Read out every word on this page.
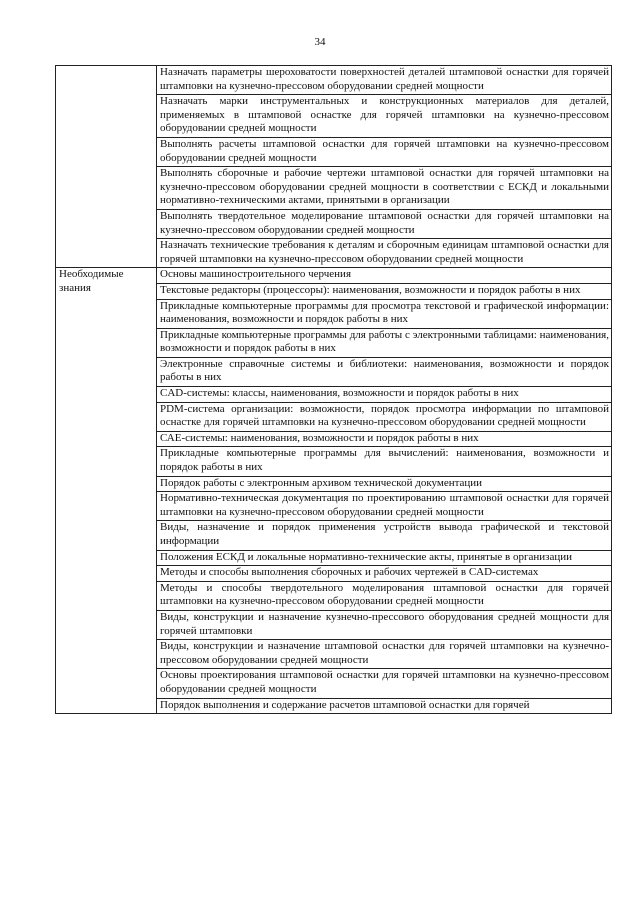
34
	Назначать параметры шероховатости поверхностей деталей штамповой оснастки для горячей штамповки на кузнечно-прессовом оборудовании средней мощности
	Назначать марки инструментальных и конструкционных материалов для деталей, применяемых в штамповой оснастке для горячей штамповки на кузнечно-прессовом оборудовании средней мощности
	Выполнять расчеты штамповой оснастки для горячей штамповки на кузнечно-прессовом оборудовании средней мощности
	Выполнять сборочные и рабочие чертежи штамповой оснастки для горячей штамповки на кузнечно-прессовом оборудовании средней мощности в соответствии с ЕСКД и локальными нормативно-техническими актами, принятыми в организации
	Выполнять твердотельное моделирование штамповой оснастки для горячей штамповки на кузнечно-прессовом оборудовании средней мощности
	Назначать технические требования к деталям и сборочным единицам штамповой оснастки для горячей штамповки на кузнечно-прессовом оборудовании средней мощности
Необходимые знания	Основы машиностроительного черчения
	Текстовые редакторы (процессоры): наименования, возможности и порядок работы в них
	Прикладные компьютерные программы для просмотра текстовой и графической информации: наименования, возможности и порядок работы в них
	Прикладные компьютерные программы для работы с электронными таблицами: наименования, возможности и порядок работы в них
	Электронные справочные системы и библиотеки: наименования, возможности и порядок работы в них
	CAD-системы: классы, наименования, возможности и порядок работы в них
	PDM-система организации: возможности, порядок просмотра информации по штамповой оснастке для горячей штамповки на кузнечно-прессовом оборудовании средней мощности
	САЕ-системы: наименования, возможности и порядок работы в них
	Прикладные компьютерные программы для вычислений: наименования, возможности и порядок работы в них
	Порядок работы с электронным архивом технической документации
	Нормативно-техническая документация по проектированию штамповой оснастки для горячей штамповки на кузнечно-прессовом оборудовании средней мощности
	Виды, назначение и порядок применения устройств вывода графической и текстовой информации
	Положения ЕСКД и локальные нормативно-технические акты, принятые в организации
	Методы и способы выполнения сборочных и рабочих чертежей в CAD-системах
	Методы и способы твердотельного моделирования штамповой оснастки для горячей штамповки на кузнечно-прессовом оборудовании средней мощности
	Виды, конструкции и назначение кузнечно-прессового оборудования средней мощности для горячей штамповки
	Виды, конструкции и назначение штамповой оснастки для горячей штамповки на кузнечно-прессовом оборудовании средней мощности
	Основы проектирования штамповой оснастки для горячей штамповки на кузнечно-прессовом оборудовании средней мощности
	Порядок выполнения и содержание расчетов штамповой оснастки для горячей
